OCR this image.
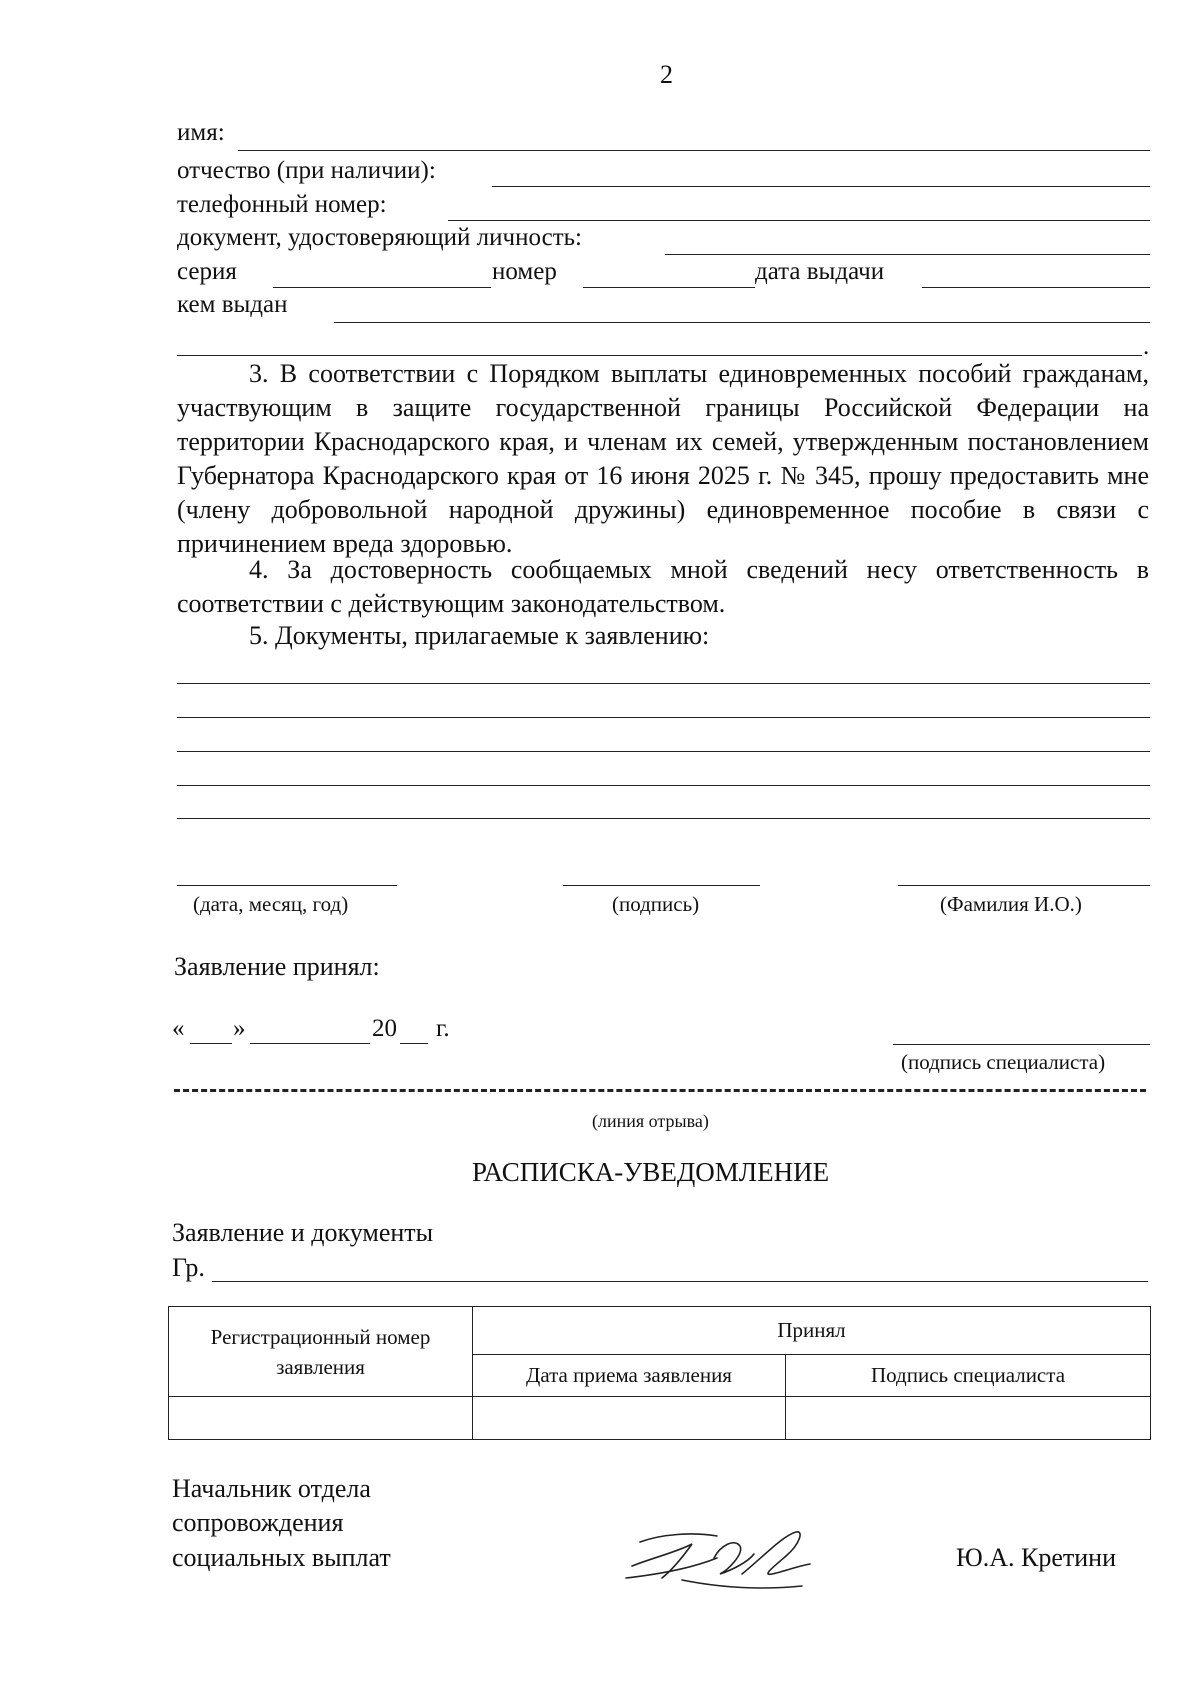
2
имя:
отчество (при наличии):
телефонный номер:
документ, удостоверяющий личность:
серия	номер	дата выдачи
кем выдан
.
3. В соответствии с Порядком выплаты единовременных пособий гражданам, участвующим в защите государственной границы Российской Федерации на территории Краснодарского края, и членам их семей, утвержденным постановлением Губернатора Краснодарского края от 16 июня 2025 г. № 345, прошу предоставить мне (члену добровольной народной дружины) единовременное пособие в связи с причинением вреда здоровью.
4. За достоверность сообщаемых мной сведений несу ответственность в соответствии с действующим законодательством.
5. Документы, прилагаемые к заявлению:
(дата, месяц, год)	(подпись)	(Фамилия И.О.)
Заявление принял:
« »	20 г.
(подпись специалиста)
(линия отрыва)
РАСПИСКА-УВЕДОМЛЕНИЕ
Заявление и документы
Гр.
Регистрационный номер заявления	Принял	
	Дата приема заявления	Подпись специалиста

Начальник отдела
сопровождения
социальных выплат	Ю.А. Кретини
